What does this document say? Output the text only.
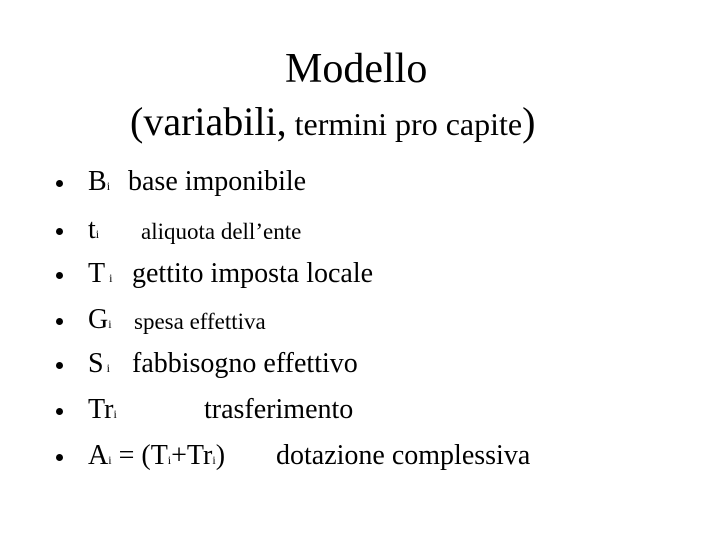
Modello
(variabili, termini pro capite)
Bi base imponibile
ti aliquota dell’ente
Ti gettito imposta locale
Gi spesa effettiva
Si fabbisogno effettivo
Tri	trasferimento
Ai = (Ti+Tri) dotazione complessiva
